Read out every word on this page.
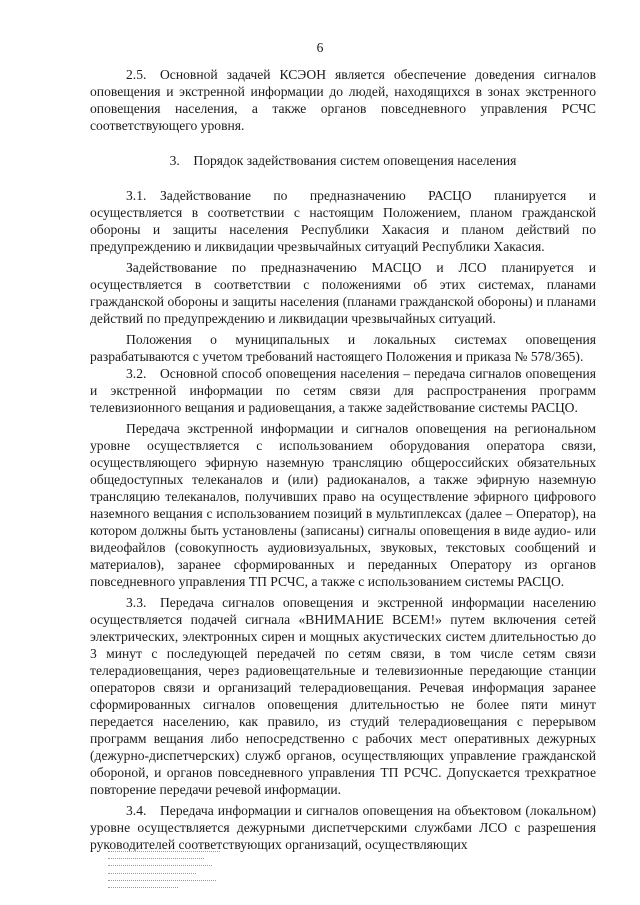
6

2.5. Основной задачей КСЭОН является обеспечение доведения сигналов оповещения и экстренной информации до людей, находящихся в зонах экстренного оповещения населения, а также органов повседневного управления РСЧС соответствующего уровня.

3. Порядок задействования систем оповещения населения

3.1. Задействование по предназначению РАСЦО планируется и осуществляется в соответствии с настоящим Положением, планом гражданской обороны и защиты населения Республики Хакасия и планом действий по предупреждению и ликвидации чрезвычайных ситуаций Республики Хакасия.

Задействование по предназначению МАСЦО и ЛСО планируется и осуществляется в соответствии с положениями об этих системах, планами гражданской обороны и защиты населения (планами гражданской обороны) и планами действий по предупреждению и ликвидации чрезвычайных ситуаций.

Положения о муниципальных и локальных системах оповещения разрабатываются с учетом требований настоящего Положения и приказа № 578/365).

3.2. Основной способ оповещения населения – передача сигналов оповещения и экстренной информации по сетям связи для распространения программ телевизионного вещания и радиовещания, а также задействование системы РАСЦО.

Передача экстренной информации и сигналов оповещения на региональном уровне осуществляется с использованием оборудования оператора связи, осуществляющего эфирную наземную трансляцию общероссийских обязательных общедоступных телеканалов и (или) радиоканалов, а также эфирную наземную трансляцию телеканалов, получивших право на осуществление эфирного цифрового наземного вещания с использованием позиций в мультиплексах (далее – Оператор), на котором должны быть установлены (записаны) сигналы оповещения в виде аудио- или видеофайлов (совокупность аудиовизуальных, звуковых, текстовых сообщений и материалов), заранее сформированных и переданных Оператору из органов повседневного управления ТП РСЧС, а также с использованием системы РАСЦО.

3.3. Передача сигналов оповещения и экстренной информации населению осуществляется подачей сигнала «ВНИМАНИЕ ВСЕМ!» путем включения сетей электрических, электронных сирен и мощных акустических систем длительностью до 3 минут с последующей передачей по сетям связи, в том числе сетям связи телерадиовещания, через радиовещательные и телевизионные передающие станции операторов связи и организаций телерадиовещания. Речевая информация заранее сформированных сигналов оповещения длительностью не более пяти минут передается населению, как правило, из студий телерадиовещания с перерывом программ вещания либо непосредственно с рабочих мест оперативных дежурных (дежурно-диспетчерских) служб органов, осуществляющих управление гражданской обороной, и органов повседневного управления ТП РСЧС. Допускается трехкратное повторение передачи речевой информации.

3.4. Передача информации и сигналов оповещения на объектовом (локальном) уровне осуществляется дежурными диспетчерскими службами ЛСО с разрешения руководителей соответствующих организаций, осуществляющих
